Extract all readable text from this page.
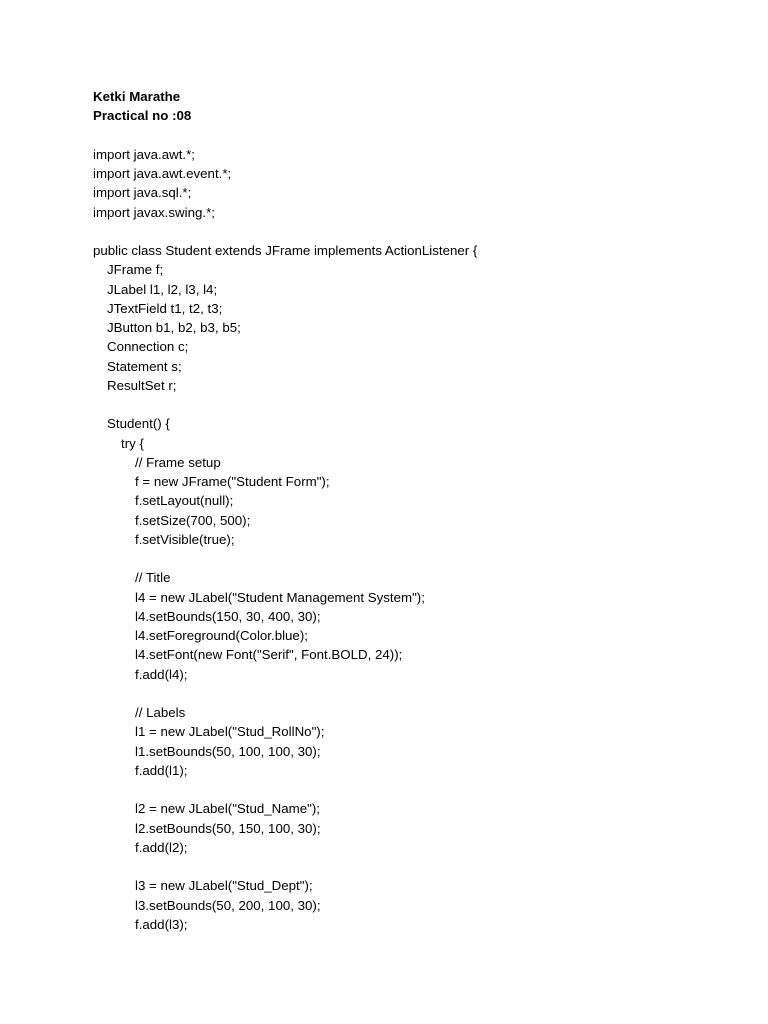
Ketki Marathe
Practical no :08
import java.awt.*;
import java.awt.event.*;
import java.sql.*;
import javax.swing.*;
public class Student extends JFrame implements ActionListener {
JFrame f;
JLabel l1, l2, l3, l4;
JTextField t1, t2, t3;
JButton b1, b2, b3, b5;
Connection c;
Statement s;
ResultSet r;
Student() {
try {
// Frame setup
f = new JFrame("Student Form");
f.setLayout(null);
f.setSize(700, 500);
f.setVisible(true);
// Title
l4 = new JLabel("Student Management System");
l4.setBounds(150, 30, 400, 30);
l4.setForeground(Color.blue);
l4.setFont(new Font("Serif", Font.BOLD, 24));
f.add(l4);
// Labels
l1 = new JLabel("Stud_RollNo");
l1.setBounds(50, 100, 100, 30);
f.add(l1);
l2 = new JLabel("Stud_Name");
l2.setBounds(50, 150, 100, 30);
f.add(l2);
l3 = new JLabel("Stud_Dept");
l3.setBounds(50, 200, 100, 30);
f.add(l3);
